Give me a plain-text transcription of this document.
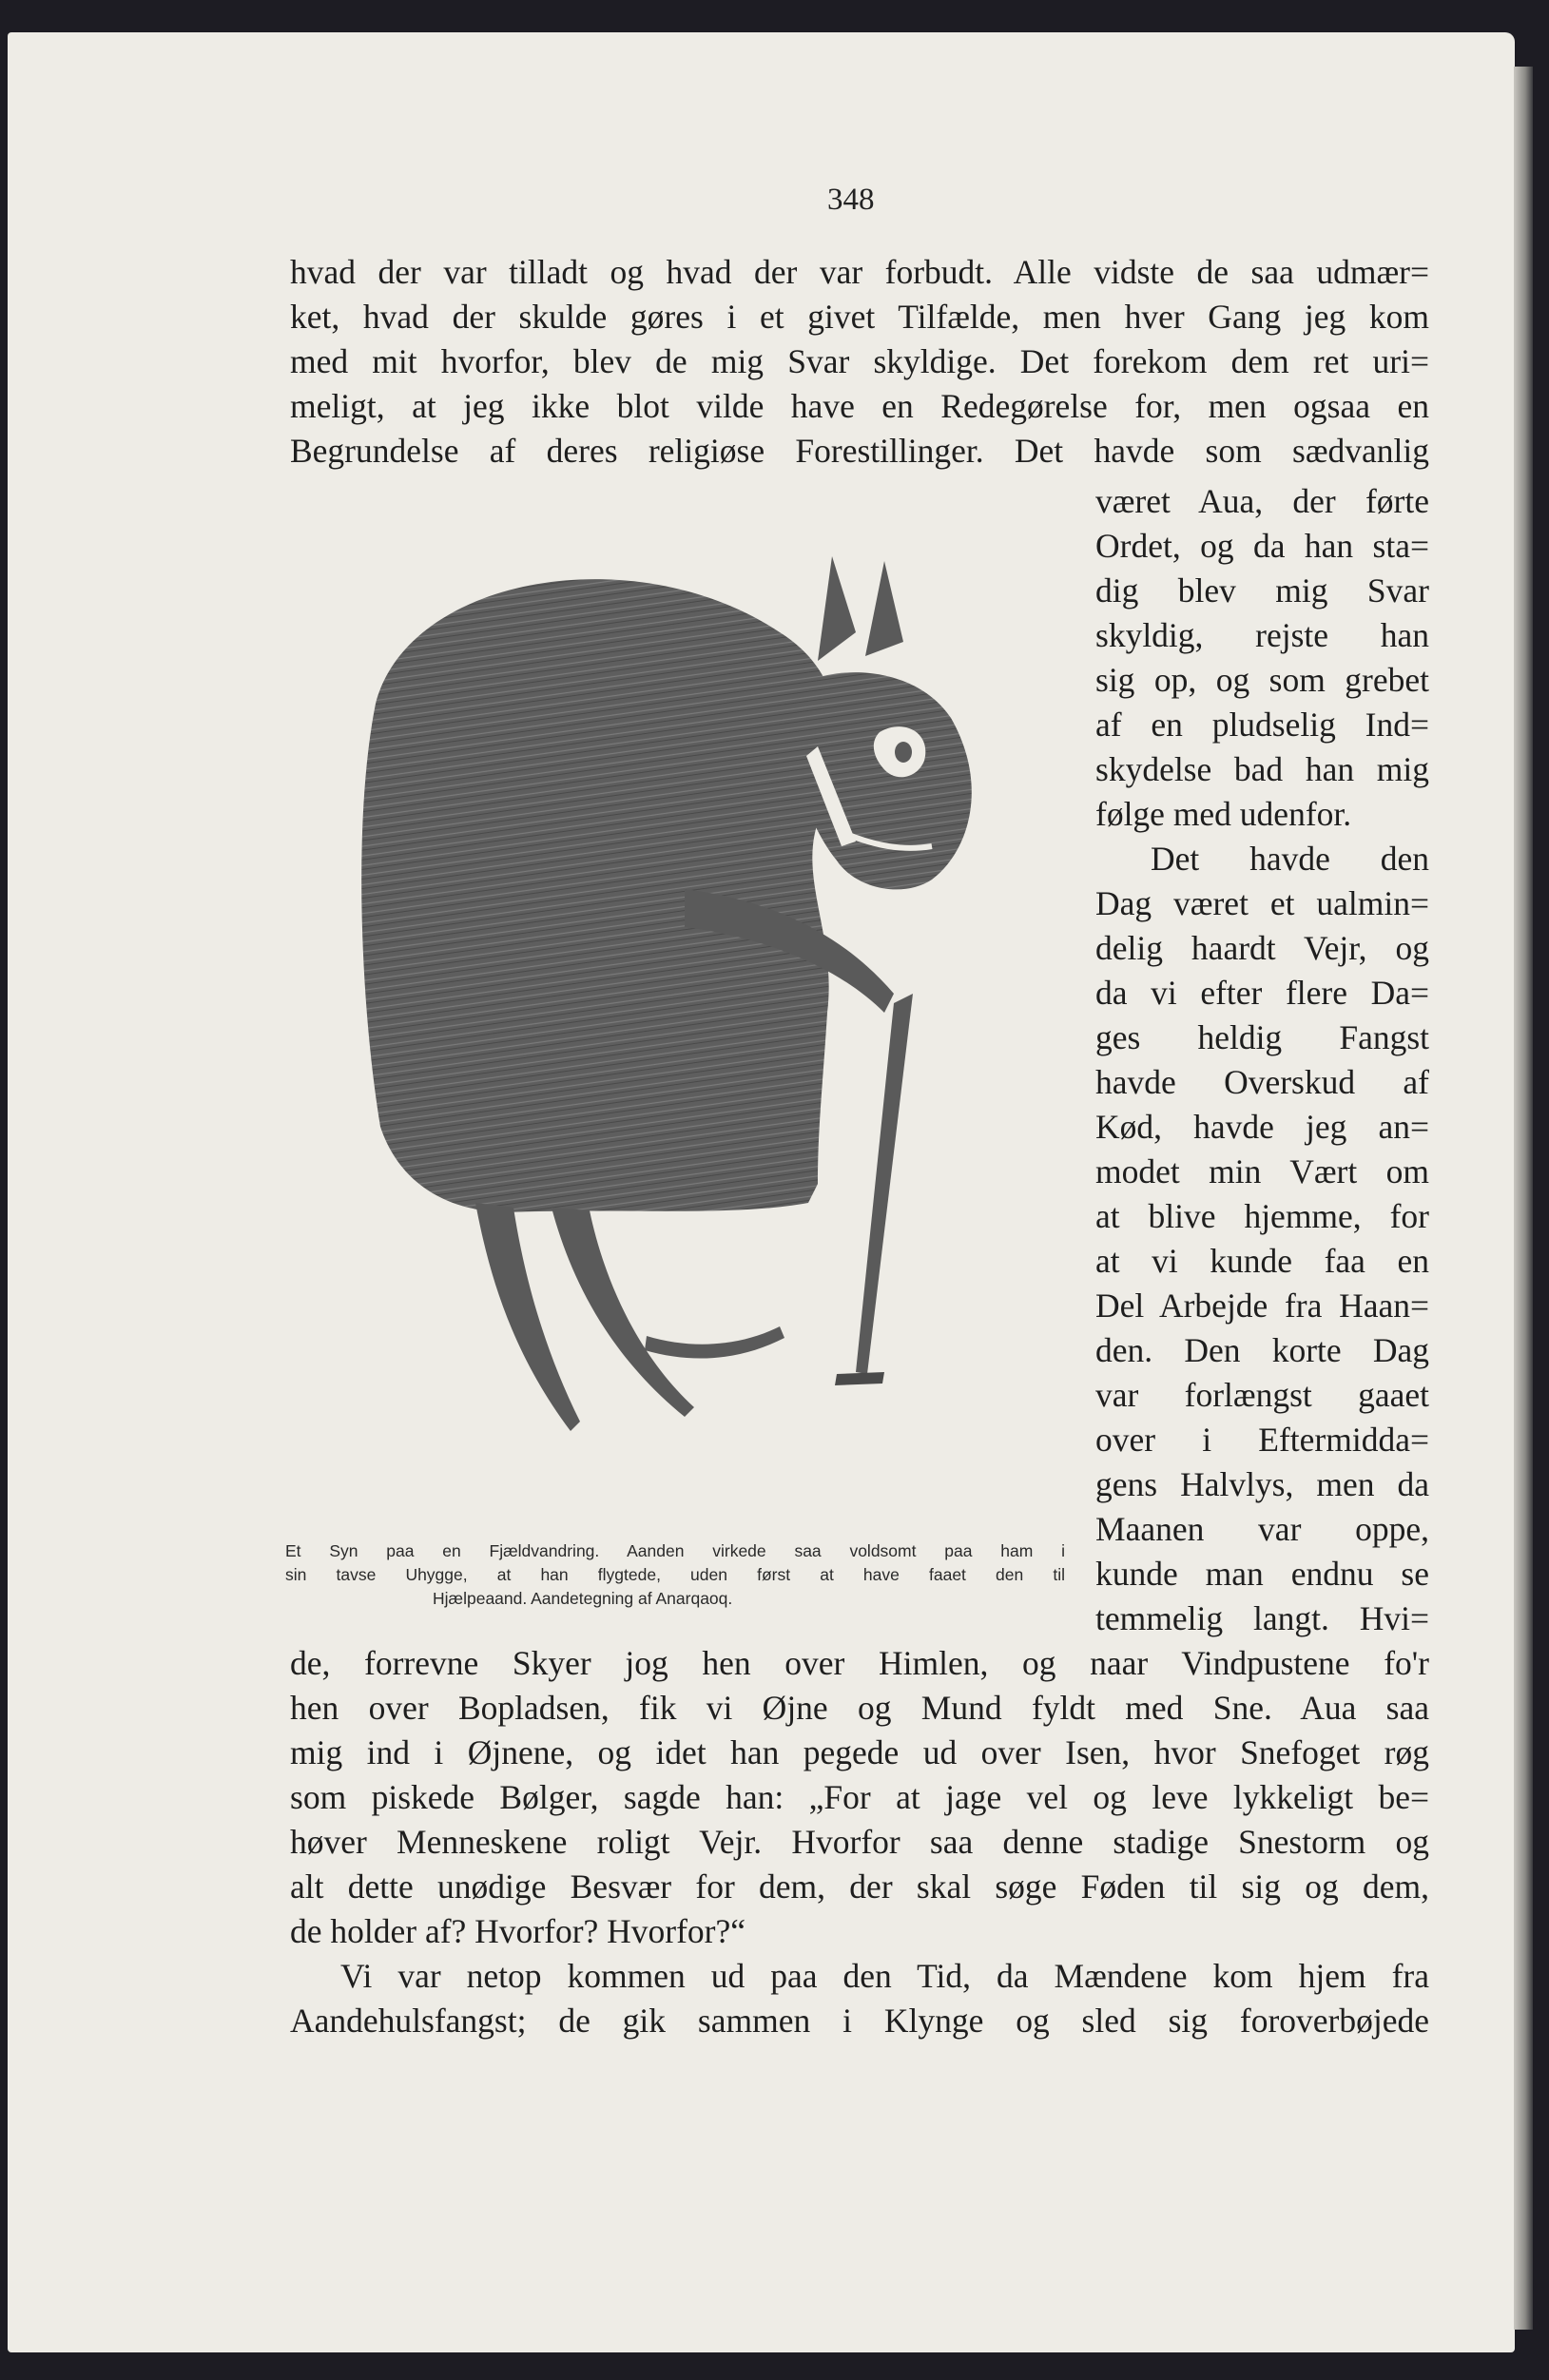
348
hvad der var tilladt og hvad der var forbudt. Alle vidste de saa udmær=
ket, hvad der skulde gøres i et givet Tilfælde, men hver Gang jeg kom
med mit hvorfor, blev de mig Svar skyldige. Det forekom dem ret uri=
meligt, at jeg ikke blot vilde have en Redegørelse for, men ogsaa en
Begrundelse af deres religiøse Forestillinger. Det havde som sædvanlig
været Aua, der førte
Ordet, og da han sta=
dig blev mig Svar
skyldig, rejste han
sig op, og som grebet
af en pludselig Ind=
skydelse bad han mig
følge med udenfor.
Det havde den
Dag været et ualmin=
delig haardt Vejr, og
da vi efter flere Da=
ges heldig Fangst
havde Overskud af
Kød, havde jeg an=
modet min Vært om
at blive hjemme, for
at vi kunde faa en
Del Arbejde fra Haan=
den. Den korte Dag
var forlængst gaaet
over i Eftermidda=
gens Halvlys, men da
Maanen var oppe,
kunde man endnu se
temmelig langt. Hvi=
Et Syn paa en Fjældvandring. Aanden virkede saa voldsomt paa ham i
sin tavse Uhygge, at han flygtede, uden først at have faaet den til
Hjælpeaand. Aandetegning af Anarqaoq.
de, forrevne Skyer jog hen over Himlen, og naar Vindpustene fo'r
hen over Bopladsen, fik vi Øjne og Mund fyldt med Sne. Aua saa
mig ind i Øjnene, og idet han pegede ud over Isen, hvor Snefoget røg
som piskede Bølger, sagde han: „For at jage vel og leve lykkeligt be=
høver Menneskene roligt Vejr. Hvorfor saa denne stadige Snestorm og
alt dette unødige Besvær for dem, der skal søge Føden til sig og dem,
de holder af? Hvorfor? Hvorfor?“
Vi var netop kommen ud paa den Tid, da Mændene kom hjem fra
Aandehulsfangst; de gik sammen i Klynge og sled sig foroverbøjede
